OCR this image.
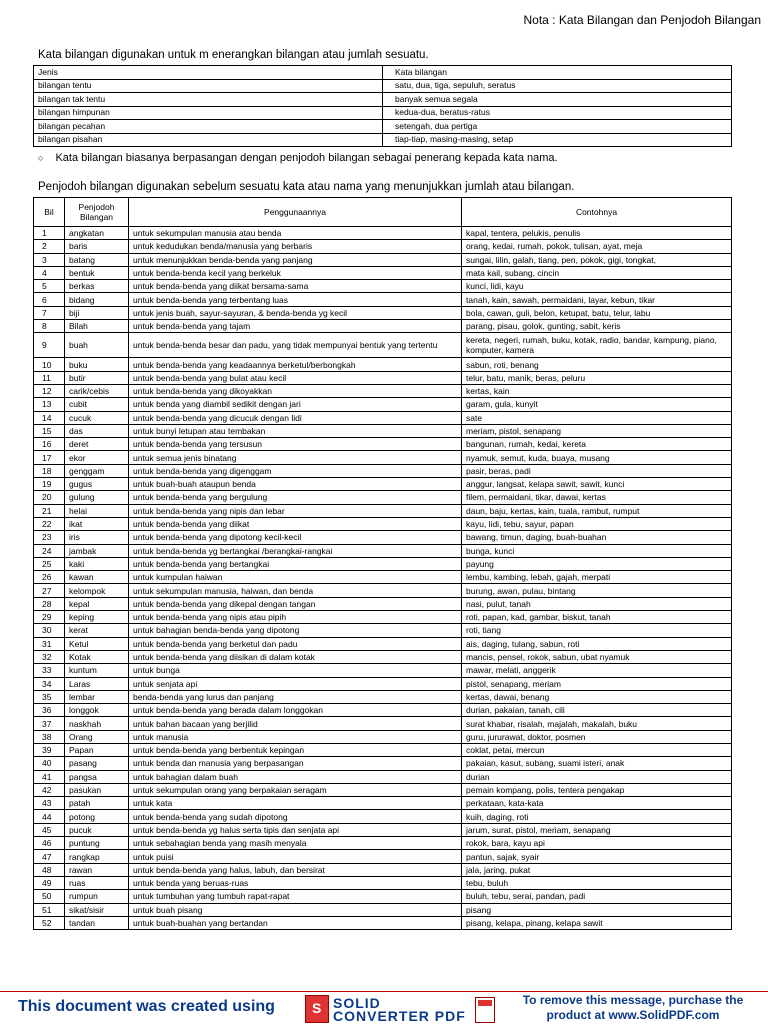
Nota : Kata Bilangan dan Penjodoh Bilangan
Kata bilangan digunakan untuk m enerangkan bilangan atau jumlah sesuatu.
Jenis	Kata bilangan
bilangan tentu	satu, dua, tiga, sepuluh, seratus
bilangan tak tentu	banyak semua segala
bilangan himpunan	kedua-dua, beratus-ratus
bilangan pecahan	setengah, dua pertiga
bilangan pisahan	tiap-tiap, masing-masing, setap
○ Kata bilangan biasanya berpasangan dengan penjodoh bilangan sebagai penerang kepada kata nama.
Penjodoh bilangan digunakan sebelum sesuatu kata atau nama yang menunjukkan jumlah atau bilangan.
Bil	Penjodoh Bilangan	Penggunaannya	Contohnya
1	angkatan	untuk sekumpulan manusia atau benda	kapal, tentera, pelukis, penulis
2	baris	untuk kedudukan benda/manusia yang berbaris	orang, kedai, rumah, pokok, tulisan, ayat, meja
3	batang	untuk menunjukkan benda-benda yang panjang	sungai, lilin, galah, tiang, pen, pokok, gigi, tongkat,
4	bentuk	untuk benda-benda kecil yang berkeluk	mata kail, subang, cincin
5	berkas	untuk benda-benda yang diikat bersama-sama	kunci, lidi, kayu
6	bidang	untuk benda-benda yang terbentang luas	tanah, kain, sawah, permaidani, layar, kebun, tikar
7	biji	untuk jenis buah, sayur-sayuran, & benda-benda yg kecil	bola, cawan, guli, belon, ketupat, batu, telur, labu
8	Bilah	untuk benda-benda yang tajam	parang, pisau, golok, gunting, sabit, keris
9	buah	untuk benda-benda besar dan padu, yang tidak mempunyai bentuk yang tertentu	kereta, negeri, rumah, buku, kotak, radio, bandar, kampung, piano, komputer, kamera
10	buku	untuk benda-benda yang keadaannya berketul/berbongkah	sabun, roti, benang
11	butir	untuk benda-benda yang bulat atau kecil	telur, batu, manik, beras, peluru
12	carik/cebis	untuk benda-benda yang dikoyakkan	kertas, kain
13	cubit	untuk benda yang diambil sedikit dengan jari	garam, gula, kunyit
14	cucuk	untuk benda-benda yang dicucuk dengan lidi	sate
15	das	untuk bunyi letupan atau tembakan	meriam, pistol, senapang
16	deret	untuk benda-benda yang tersusun	bangunan, rumah, kedai, kereta
17	ekor	untuk semua jenis binatang	nyamuk, semut, kuda, buaya, musang
18	genggam	untuk benda-benda yang digenggam	pasir, beras, padi
19	gugus	untuk buah-buah ataupun benda	anggur, langsat, kelapa sawit, sawit, kunci
20	gulung	untuk benda-benda yang bergulung	filem, permaidani, tikar, dawai, kertas
21	helai	untuk benda-benda yang nipis dan lebar	daun, baju, kertas, kain, tuala, rambut, rumput
22	ikat	untuk benda-benda yang diikat	kayu, lidi, tebu, sayur, papan
23	iris	untuk benda-benda yang dipotong kecil-kecil	bawang, timun, daging, buah-buahan
24	jambak	untuk benda-benda yg bertangkai /berangkai-rangkai	bunga, kunci
25	kaki	untuk benda-benda yang bertangkai	payung
26	kawan	untuk kumpulan haiwan	lembu, kambing, lebah, gajah, merpati
27	kelompok	untuk sekumpulan manusia, haiwan, dan benda	burung, awan, pulau, bintang
28	kepal	untuk benda-benda yang dikepal dengan tangan	nasi, pulut, tanah
29	keping	untuk benda-benda yang nipis atau pipih	roti, papan, kad, gambar, biskut, tanah
30	kerat	untuk bahagian benda-benda yang dipotong	roti, tiang
31	Ketul	untuk benda-benda yang berketul dan padu	ais, daging, tulang, sabun, roti
32	Kotak	untuk benda-benda yang diisikan di dalam kotak	mancis, pensel, rokok, sabun, ubat nyamuk
33	kuntum	untuk bunga	mawar, melati, anggerik
34	Laras	untuk senjata api	pistol, senapang, meriam
35	lembar	benda-benda yang lurus dan panjang	kertas, dawai, benang
36	longgok	untuk benda-benda yang berada dalam longgokan	durian, pakaian, tanah, cili
37	naskhah	untuk bahan bacaan yang berjilid	surat khabar, risalah, majalah, makalah, buku
38	Orang	untuk manusia	guru, jururawat, doktor, posmen
39	Papan	untuk benda-benda yang berbentuk kepingan	coklat, petai, mercun
40	pasang	untuk benda dan manusia yang berpasangan	pakaian, kasut, subang, suami isteri, anak
41	pangsa	untuk bahagian dalam buah	durian
42	pasukan	untuk sekumpulan orang yang berpakaian seragam	pemain kompang, polis, tentera pengakap
43	patah	untuk kata	perkataan, kata-kata
44	potong	untuk benda-benda yang sudah dipotong	kuih, daging, roti
45	pucuk	untuk benda-benda yg halus serta tipis dan senjata api	jarum, surat, pistol, meriam, senapang
46	puntung	untuk sebahagian benda yang masih menyala	rokok, bara, kayu api
47	rangkap	untuk puisi	pantun, sajak, syair
48	rawan	untuk benda-benda yang halus, labuh, dan bersirat	jala, jaring, pukat
49	ruas	untuk benda yang beruas-ruas	tebu, buluh
50	rumpun	untuk tumbuhan yang tumbuh rapat-rapat	buluh, tebu, serai, pandan, padi
51	sikat/sisir	untuk buah pisang	pisang
52	tandan	untuk buah-buahan yang bertandan	pisang, kelapa, pinang, kelapa sawit
This document was created using	S SOLID
CONVERTER PDF
To remove this message, purchase the
product at www.SolidPDF.com
